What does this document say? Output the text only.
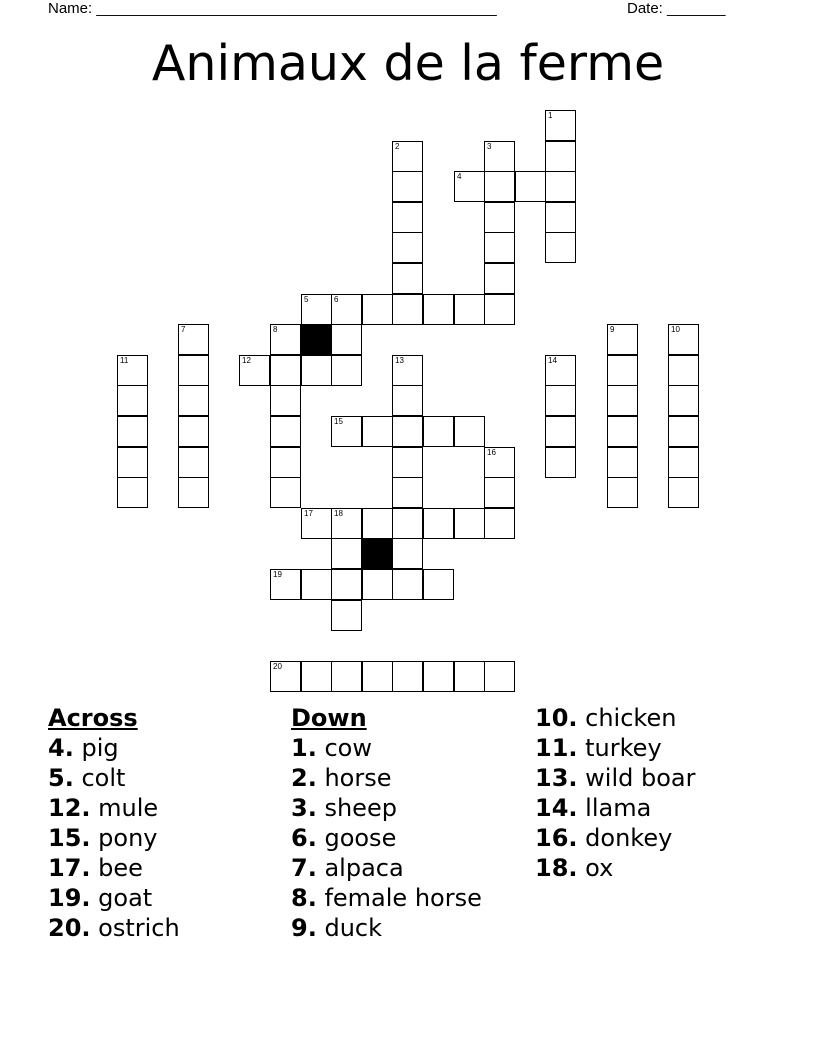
Name: ________________________________________________	Date: _______
Animaux de la ferme
1
2	3
4
5	6
7	8	9	10
11	12	13	14
15
16
17	18
19
20
Across
4. pig
5. colt
12. mule
15. pony
17. bee
19. goat
20. ostrich
Down
1. cow
2. horse
3. sheep
6. goose
7. alpaca
8. female horse
9. duck
10. chicken
11. turkey
13. wild boar
14. llama
16. donkey
18. ox
